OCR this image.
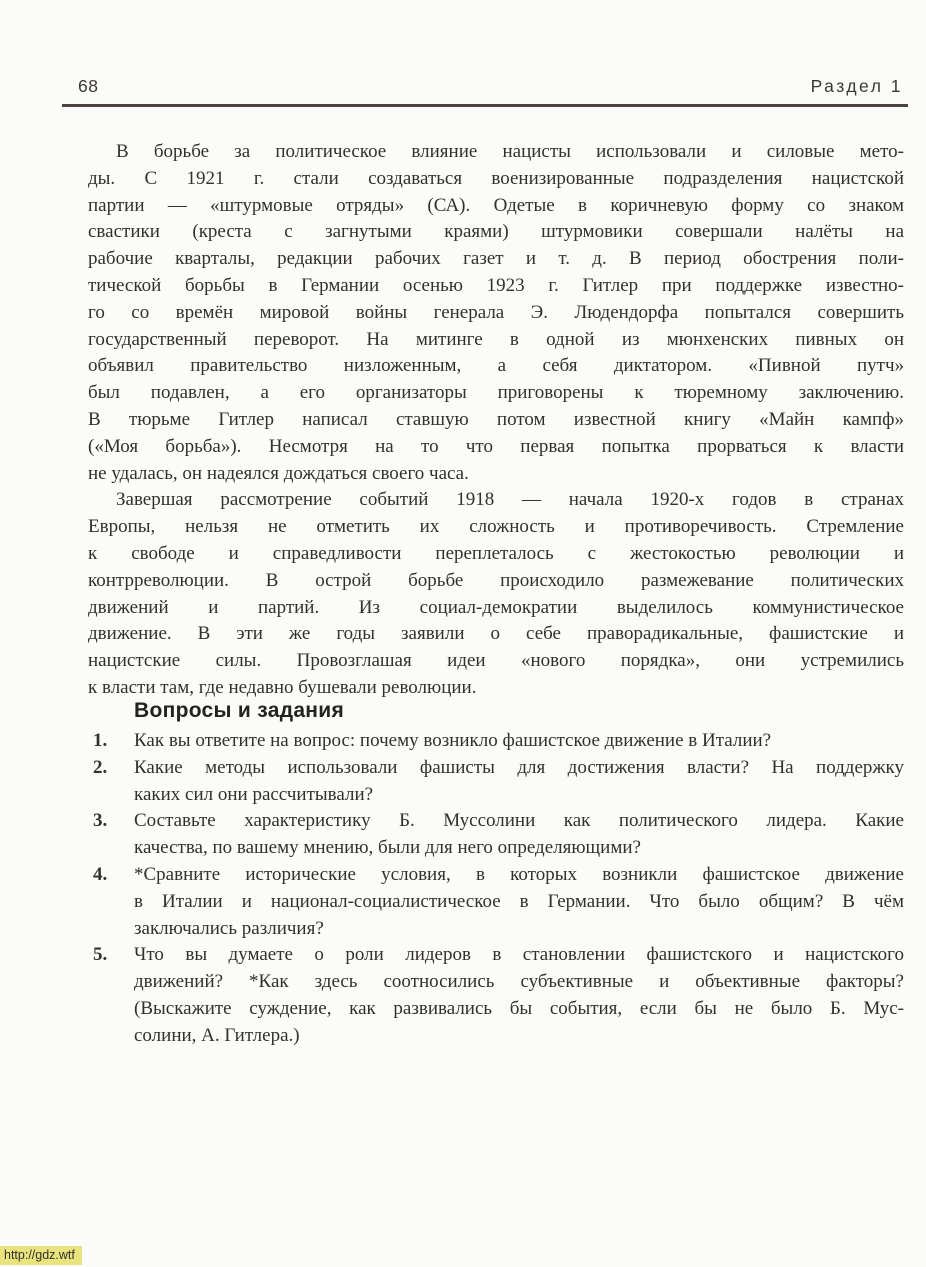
68	Раздел 1
В борьбе за политическое влияние нацисты использовали и силовые мето-
ды. С 1921 г. стали создаваться военизированные подразделения нацистской
партии — «штурмовые отряды» (СА). Одетые в коричневую форму со знаком
свастики (креста с загнутыми краями) штурмовики совершали налёты на
рабочие кварталы, редакции рабочих газет и т. д. В период обострения поли-
тической борьбы в Германии осенью 1923 г. Гитлер при поддержке известно-
го со времён мировой войны генерала Э. Людендорфа попытался совершить
государственный переворот. На митинге в одной из мюнхенских пивных он
объявил правительство низложенным, а себя диктатором. «Пивной путч»
был подавлен, а его организаторы приговорены к тюремному заключению.
В тюрьме Гитлер написал ставшую потом известной книгу «Майн кампф»
(«Моя борьба»). Несмотря на то что первая попытка прорваться к власти
не удалась, он надеялся дождаться своего часа.
Завершая рассмотрение событий 1918 — начала 1920-х годов в странах
Европы, нельзя не отметить их сложность и противоречивость. Стремление
к свободе и справедливости переплеталось с жестокостью революции и
контрреволюции. В острой борьбе происходило размежевание политических
движений и партий. Из социал-демократии выделилось коммунистическое
движение. В эти же годы заявили о себе праворадикальные, фашистские и
нацистские силы. Провозглашая идеи «нового порядка», они устремились
к власти там, где недавно бушевали революции.
Вопросы и задания
1. Как вы ответите на вопрос: почему возникло фашистское движение в Италии?
2. Какие методы использовали фашисты для достижения власти? На поддержку
каких сил они рассчитывали?
3. Составьте характеристику Б. Муссолини как политического лидера. Какие
качества, по вашему мнению, были для него определяющими?
4. *Сравните исторические условия, в которых возникли фашистское движение
в Италии и национал-социалистическое в Германии. Что было общим? В чём
заключались различия?
5. Что вы думаете о роли лидеров в становлении фашистского и нацистского
движений? *Как здесь соотносились субъективные и объективные факторы?
(Выскажите суждение, как развивались бы события, если бы не было Б. Мус-
солини, А. Гитлера.)
http://gdz.wtf
